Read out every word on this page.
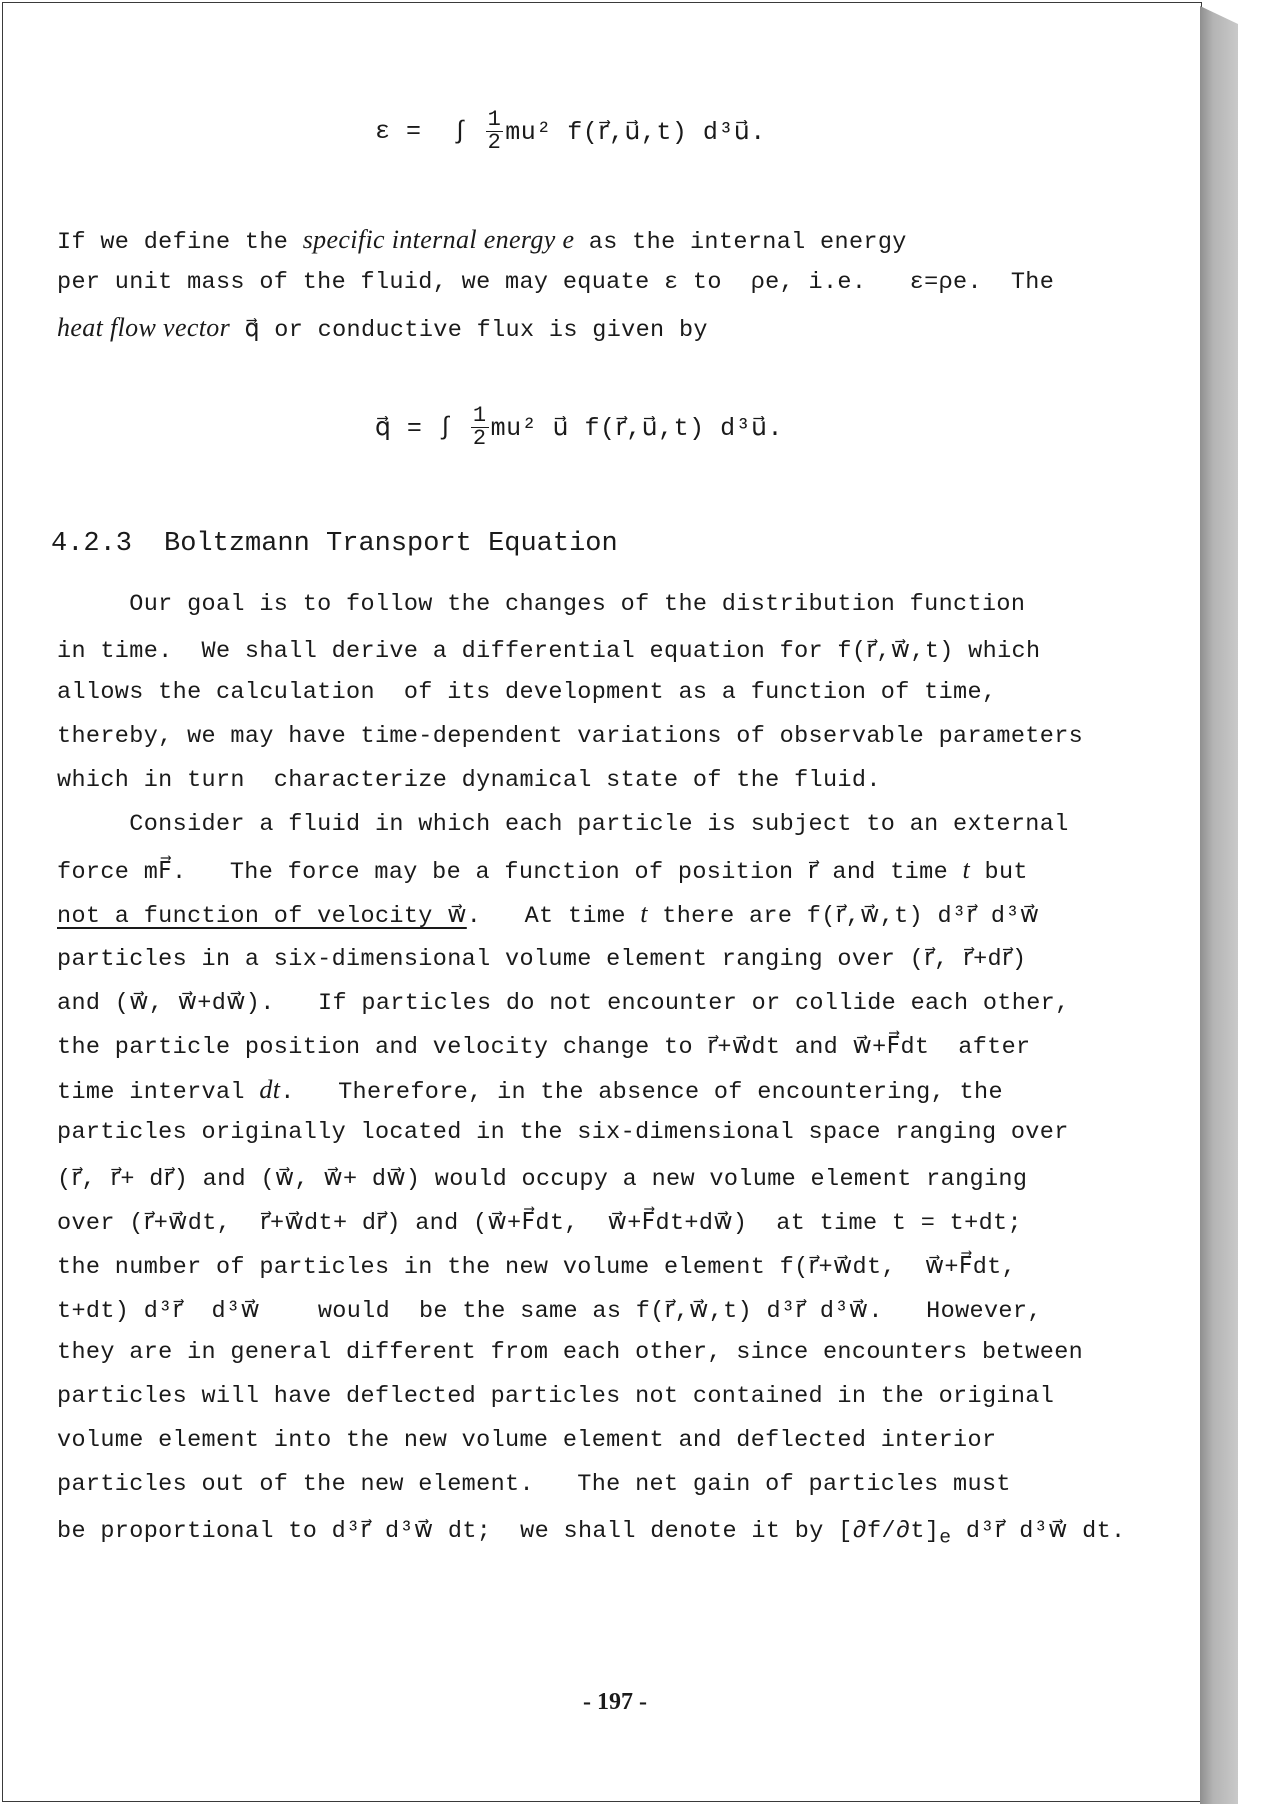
ε =
∫
$\frac{1}{2} mu^2$ f(r⃗,u⃗,t) d³u⃗.
If we define the specific internal energy e as the internal energy
per unit mass of the fluid, we may equate ε to  ρe, i.e.   ε=ρe.  The
heat flow vector q⃗ or conductive flux is given by
q⃗ =
∫
$\frac{1}{2} mu^2$ u⃗ f(r⃗,u⃗,t) d³u⃗.
4.2.3 Boltzmann Transport Equation
Our goal is to follow the changes of the distribution function
in time.  We shall derive a differential equation for f(r⃗,w⃗,t) which
allows the calculation  of its development as a function of time,
thereby, we may have time-dependent variations of observable parameters
which in turn  characterize dynamical state of the fluid.
Consider a fluid in which each particle is subject to an external
force mF⃗.   The force may be a function of position r⃗ and time t but
not a function of velocity w⃗.   At time t there are f(r⃗,w⃗,t) d³r⃗ d³w⃗
particles in a six-dimensional volume element ranging over (r⃗, r⃗+dr⃗)
and (w⃗, w⃗+dw⃗).   If particles do not encounter or collide each other,
the particle position and velocity change to r⃗+w⃗dt and w⃗+F⃗dt  after
time interval dt.   Therefore, in the absence of encountering, the
particles originally located in the six-dimensional space ranging over
(r⃗, r⃗+ dr⃗) and (w⃗, w⃗+ dw⃗) would occupy a new volume element ranging
over (r⃗+w⃗dt,  r⃗+w⃗dt+ dr⃗) and (w⃗+F⃗dt,  w⃗+F⃗dt+dw⃗)  at time t = t+dt;
the number of particles in the new volume element f(r⃗+w⃗dt,  w⃗+F⃗dt,
t+dt) d³r⃗  d³w⃗    would  be the same as f(r⃗,w⃗,t) d³r⃗ d³w⃗.   However,
they are in general different from each other, since encounters between
particles will have deflected particles not contained in the original
volume element into the new volume element and deflected interior
particles out of the new element.   The net gain of particles must
be proportional to d³r⃗ d³w⃗ dt;  we shall denote it by $[\partial f/\partial t]_e$ d³r⃗ d³w⃗ dt.
- 197 -
